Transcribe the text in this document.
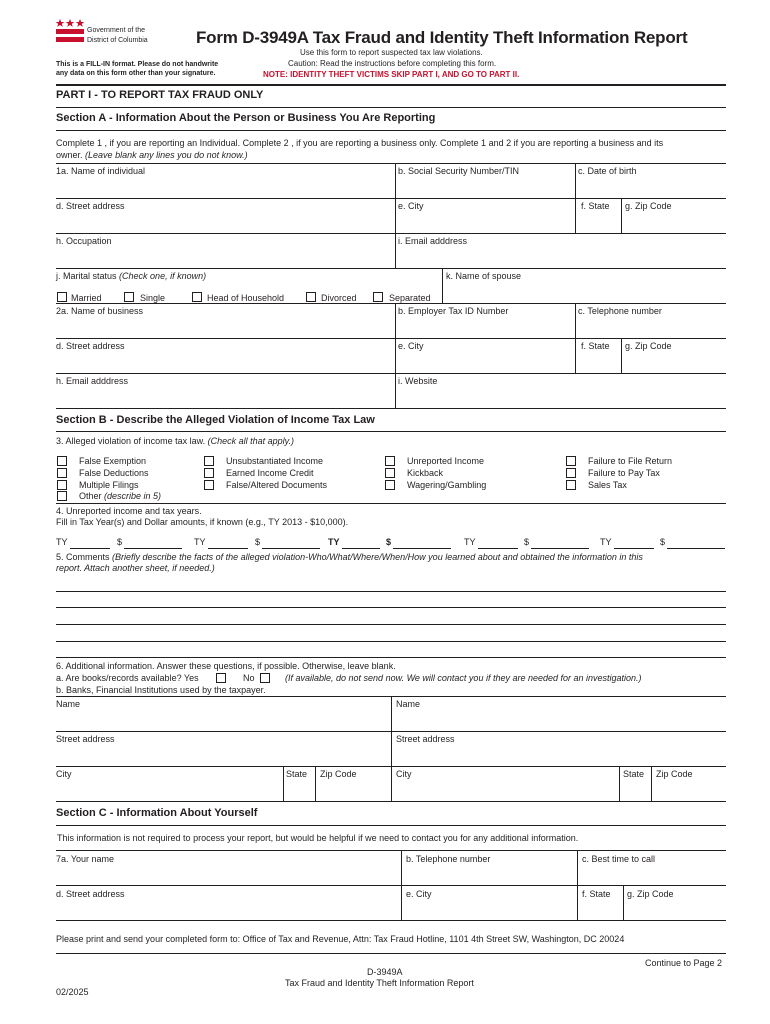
Government of the
District of Columbia
This is a FILL-IN format. Please do not handwrite
any data on this form other than your signature.
Form D-3949A Tax Fraud and Identity Theft Information Report
Use this form to report suspected tax law violations.
Caution: Read the instructions before completing this form.
NOTE: IDENTITY THEFT VICTIMS SKIP PART I, AND GO TO PART II.
PART I - TO REPORT TAX FRAUD ONLY
Section A - Information About the Person or Business You Are Reporting
Complete 1 , if you are reporting an Individual. Complete 2 , if you are reporting a business only. Complete 1 and 2 if you are reporting a business and its
owner. (Leave blank any lines you do not know.)
1a. Name of individual	b. Social Security Number/TIN	c. Date of birth
d. Street address	e. City	f. State g. Zip Code
h. Occupation	i. Email adddress
j. Marital status (Check one, if known)	k. Name of spouse
Married	Single	Head of Household	Divorced	Separated
2a. Name of business	b. Employer Tax ID Number	c. Telephone number
d. Street address	e. City	f. State g. Zip Code
h. Email adddress	i. Website
Section B - Describe the Alleged Violation of Income Tax Law
3. Alleged violation of income tax law. (Check all that apply.)
False Exemption
False Deductions
Multiple Filings
Other (describe in 5)
Unsubstantiated Income
Earned Income Credit
False/Altered Documents
Unreported Income
Kickback
Wagering/Gambling
Failure to File Return
Failure to Pay Tax
Sales Tax
4. Unreported income and tax years.
Fill in Tax Year(s) and Dollar amounts, if known (e.g., TY 2013 - $10,000).
TY	$	TY	$	TY	$	TY	$	TY	$
5. Comments (Briefly describe the facts of the alleged violation-Who/What/Where/When/How you learned about and obtained the information in this
report. Attach another sheet, if needed.)
6. Additional information. Answer these questions, if possible. Otherwise, leave blank.
a. Are books/records available? Yes	No	(If available, do not send now. We will contact you if they are needed for an investigation.)
b. Banks, Financial Institutions used by the taxpayer.
Name	Name
Street address	Street address
City	State Zip Code	City	State Zip Code
Section C - Information About Yourself
This information is not required to process your report, but would be helpful if we need to contact you for any additional information.
7a. Your name	b. Telephone number	c. Best time to call
d. Street address	e. City	f. State g. Zip Code
Please print and send your completed form to: Office of Tax and Revenue, Attn: Tax Fraud Hotline, 1101 4th Street SW, Washington, DC 20024
Continue to Page 2
D-3949A
Tax Fraud and Identity Theft Information Report
02/2025
